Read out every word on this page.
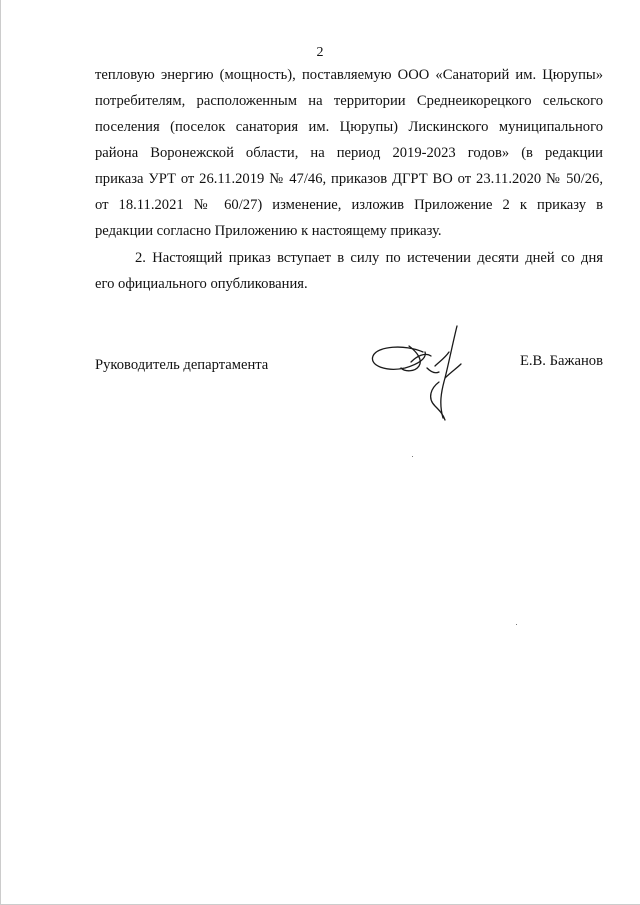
2
тепловую энергию (мощность), поставляемую ООО «Санаторий им. Цюрупы»
потребителям, расположенным на территории Среднеикорецкого сельского
поселения (поселок санатория им. Цюрупы) Лискинского муниципального
района Воронежской области, на период 2019-2023 годов» (в редакции
приказа УРТ от 26.11.2019 № 47/46, приказов ДГРТ ВО от 23.11.2020 № 50/26,
от 18.11.2021 № 60/27) изменение, изложив Приложение 2 к приказу в
редакции согласно Приложению к настоящему приказу.
2. Настоящий приказ вступает в силу по истечении десяти дней со дня
его официального опубликования.
Руководитель департамента	Е.В. Бажанов
